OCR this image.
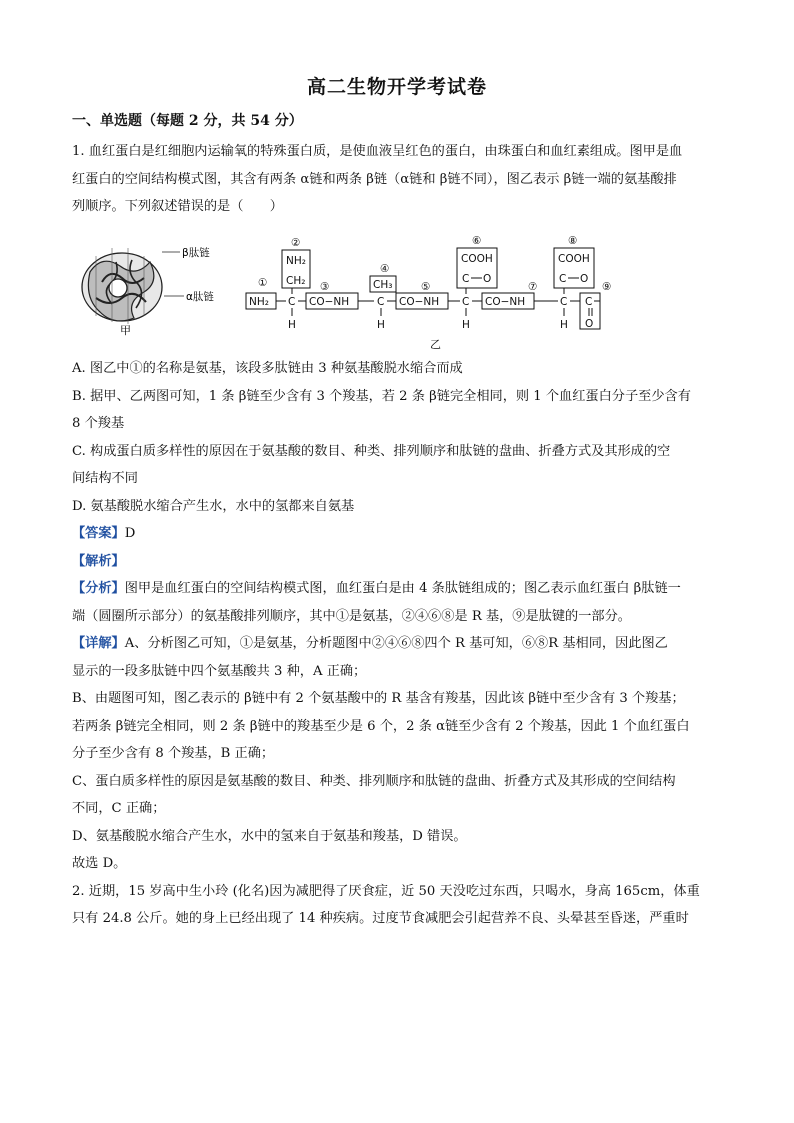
高二生物开学考试卷
一、单选题（每题 2 分，共 54 分）
1. 血红蛋白是红细胞内运输氧的特殊蛋白质，是使血液呈红色的蛋白，由珠蛋白和血红素组成。图甲是血
红蛋白的空间结构模式图，其含有两条 α链和两条 β链（α链和 β链不同），图乙表示 β链一端的氨基酸排
列顺序。下列叙述错误的是（　　）
β肽链
α肽链
甲
①
②
③
④
⑤
⑥
⑦
⑧
⑨
NH₂ C
NH₂
CH₂
H
CO−NH	C
CH₃
H
CO−NH C
COOH
C O
H
CO−NH	C
COOH
C O
H
C
O
乙
A. 图乙中①的名称是氨基，该段多肽链由 3 种氨基酸脱水缩合而成
B. 据甲、乙两图可知，1 条 β链至少含有 3 个羧基，若 2 条 β链完全相同，则 1 个血红蛋白分子至少含有
8 个羧基
C. 构成蛋白质多样性的原因在于氨基酸的数目、种类、排列顺序和肽链的盘曲、折叠方式及其形成的空
间结构不同
D. 氨基酸脱水缩合产生水，水中的氢都来自氨基
【答案】D
【解析】
【分析】图甲是血红蛋白的空间结构模式图，血红蛋白是由 4 条肽链组成的；图乙表示血红蛋白 β肽链一
端（圆圈所示部分）的氨基酸排列顺序，其中①是氨基，②④⑥⑧是 R 基，⑨是肽键的一部分。
【详解】A、分析图乙可知，①是氨基，分析题图中②④⑥⑧四个 R 基可知，⑥⑧R 基相同，因此图乙
显示的一段多肽链中四个氨基酸共 3 种，A 正确；
B、由题图可知，图乙表示的 β链中有 2 个氨基酸中的 R 基含有羧基，因此该 β链中至少含有 3 个羧基；
若两条 β链完全相同，则 2 条 β链中的羧基至少是 6 个，2 条 α链至少含有 2 个羧基，因此 1 个血红蛋白
分子至少含有 8 个羧基，B 正确；
C、蛋白质多样性的原因是氨基酸的数目、种类、排列顺序和肽链的盘曲、折叠方式及其形成的空间结构
不同，C 正确；
D、氨基酸脱水缩合产生水，水中的氢来自于氨基和羧基，D 错误。
故选 D。
2. 近期，15 岁高中生小玲 (化名)因为减肥得了厌食症，近 50 天没吃过东西，只喝水，身高 165cm，体重
只有 24.8 公斤。她的身上已经出现了 14 种疾病。过度节食减肥会引起营养不良、头晕甚至昏迷，严重时
